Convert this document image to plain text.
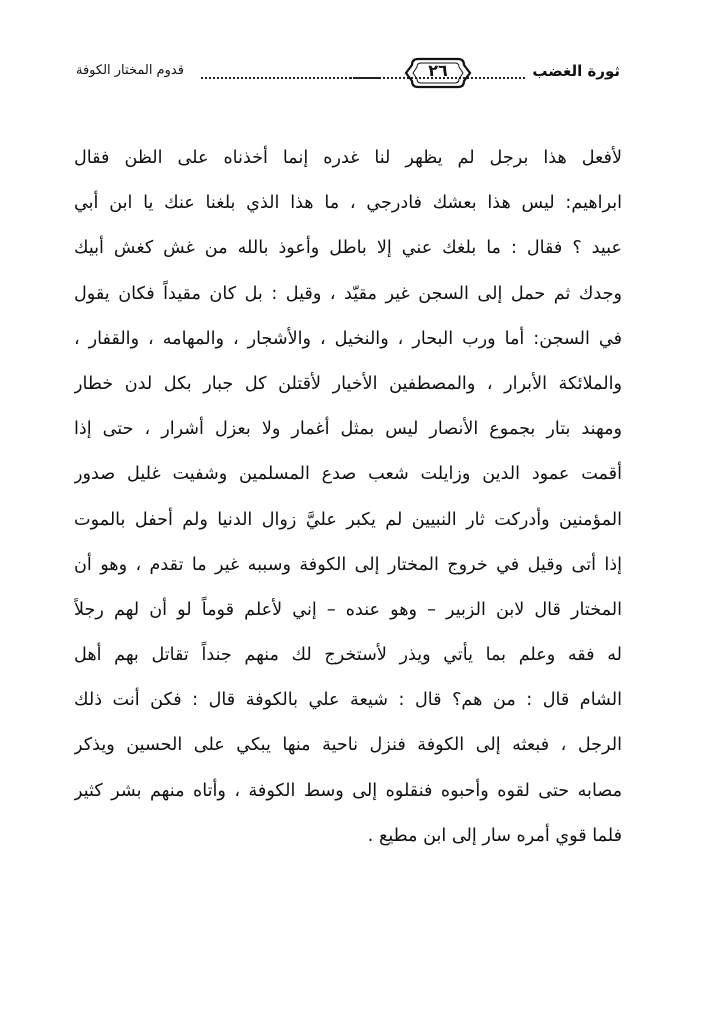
ثورة الغضب
٢٦
قدوم المختار الكوفة
لأفعل هذا برجل لم يظهر لنا غدره إنما أخذناه على الظن فقال
ابراهيم: ليس هذا بعشك فادرجي ، ما هذا الذي بلغنا عنك يا ابن أبي
عبيد ؟ فقال : ما بلغك عني إلا باطل وأعوذ بالله من غش كغش أبيك
وجدك ثم حمل إلى السجن غير مقيّد ، وقيل : بل كان مقيداً فكان يقول
في السجن: أما ورب البحار ، والنخيل ، والأشجار ، والمهامه ، والقفار ،
والملائكة الأبرار ، والمصطفين الأخيار لأقتلن كل جبار بكل لدن خطار
ومهند بتار بجموع الأنصار ليس بمثل أغمار ولا بعزل أشرار ، حتى إذا
أقمت عمود الدين وزايلت شعب صدع المسلمين وشفيت غليل صدور
المؤمنين وأدركت ثار النبيين لم يكبر عليَّ زوال الدنيا ولم أحفل بالموت
إذا أتى وقيل في خروج المختار إلى الكوفة وسببه غير ما تقدم ، وهو أن
المختار قال لابن الزبير – وهو عنده – إني لأعلم قوماً لو أن لهم رجلاً
له فقه وعلم بما يأتي ويذر لأستخرج لك منهم جنداً تقاتل بهم أهل
الشام قال : من هم؟ قال : شيعة علي بالكوفة قال : فكن أنت ذلك
الرجل ، فبعثه إلى الكوفة فنزل ناحية منها يبكي على الحسين ويذكر
مصابه حتى لقوه وأحبوه فنقلوه إلى وسط الكوفة ، وأتاه منهم بشر كثير
فلما قوي أمره سار إلى ابن مطيع .
